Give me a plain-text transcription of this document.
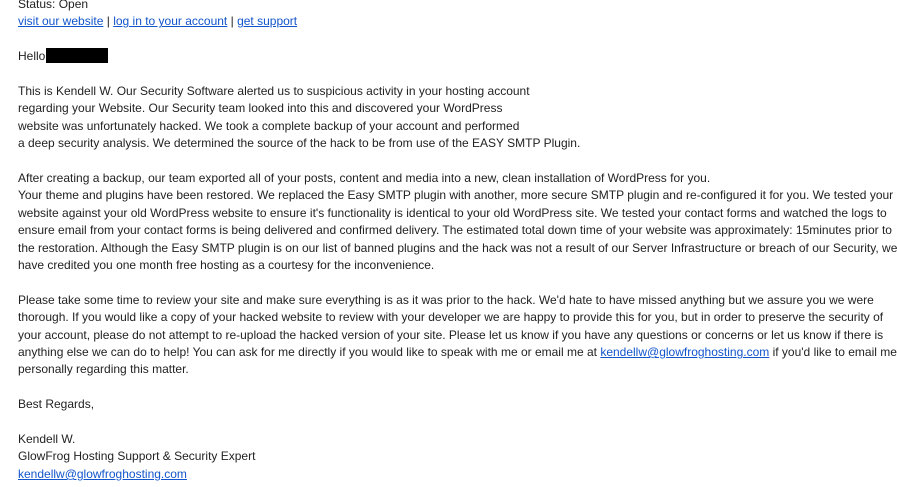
Status: Open
visit our website | log in to your account | get support
Hello
This is Kendell W. Our Security Software alerted us to suspicious activity in your hosting account
regarding your Website. Our Security team looked into this and discovered your WordPress
website was unfortunately hacked. We took a complete backup of your account and performed
a deep security analysis. We determined the source of the hack to be from use of the EASY SMTP Plugin.
After creating a backup, our team exported all of your posts, content and media into a new, clean installation of WordPress for you.
Your theme and plugins have been restored. We replaced the Easy SMTP plugin with another, more secure SMTP plugin and re-configured it for you. We tested your
website against your old WordPress website to ensure it's functionality is identical to your old WordPress site. We tested your contact forms and watched the logs to
ensure email from your contact forms is being delivered and confirmed delivery. The estimated total down time of your website was approximately: 15minutes prior to
the restoration. Although the Easy SMTP plugin is on our list of banned plugins and the hack was not a result of our Server Infrastructure or breach of our Security, we
have credited you one month free hosting as a courtesy for the inconvenience.
Please take some time to review your site and make sure everything is as it was prior to the hack. We'd hate to have missed anything but we assure you we were
thorough. If you would like a copy of your hacked website to review with your developer we are happy to provide this for you, but in order to preserve the security of
your account, please do not attempt to re-upload the hacked version of your site. Please let us know if you have any questions or concerns or let us know if there is
anything else we can do to help! You can ask for me directly if you would like to speak with me or email me at kendellw@glowfroghosting.com if you'd like to email me
personally regarding this matter.
Best Regards,
Kendell W.
GlowFrog Hosting Support & Security Expert
kendellw@glowfroghosting.com
